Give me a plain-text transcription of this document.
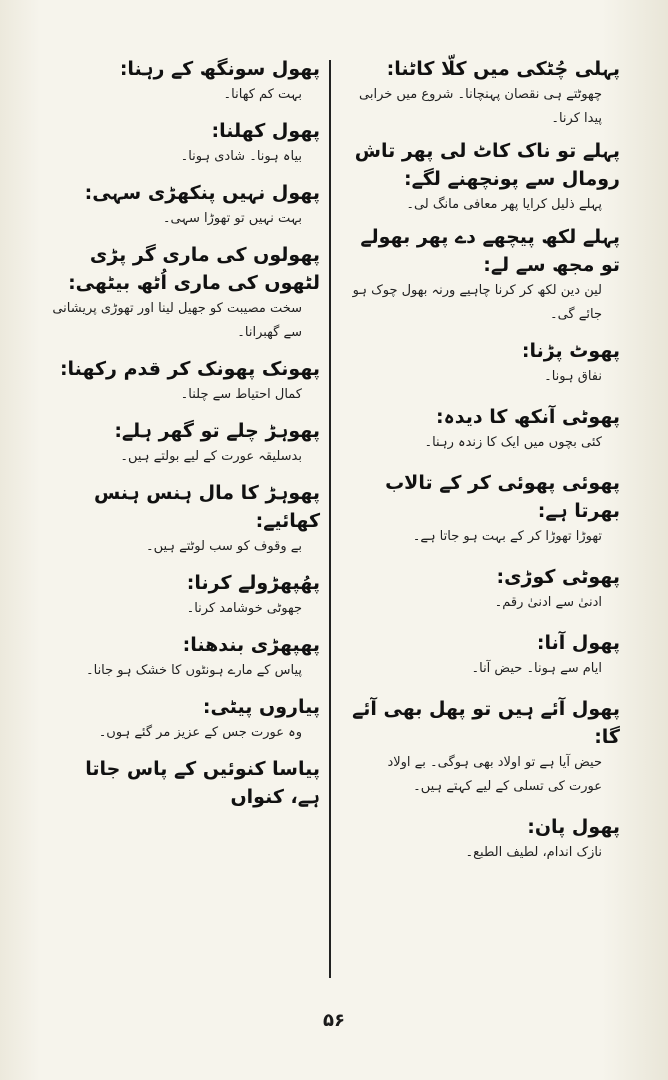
پہلی چُٹکی میں کلّا کاٹنا:

چھوٹتے ہی نقصان پہنچانا۔ شروع میں خرابی پیدا کرنا۔

پہلے تو ناک کاٹ لی پھر تاش رومال سے پونچھنے لگے:

پہلے ذلیل کرایا پھر معافی مانگ لی۔

پہلے لکھ پیچھے دے پھر بھولے تو مجھ سے لے:

لین دین لکھ کر کرنا چاہیے ورنہ بھول چوک ہو جائے گی۔

پھوٹ پڑنا:

نفاق ہونا۔

پھوٹی آنکھ کا دیدہ:

کئی بچوں میں ایک کا زندہ رہنا۔

پھوئی پھوئی کر کے تالاب بھرتا ہے:

تھوڑا تھوڑا کر کے بہت ہو جاتا ہے۔

پھوٹی کوڑی:

ادنیٰ سے ادنیٰ رقم۔

پھول آنا:

ایام سے ہونا۔ حیض آنا۔

پھول آئے ہیں تو پھل بھی آئے گا:

حیض آیا ہے تو اولاد بھی ہوگی۔ بے اولاد عورت کی تسلی کے لیے کہتے ہیں۔

پھول پان:

نازک اندام، لطیف الطبع۔

پھول سونگھ کے رہنا:

بہت کم کھانا۔

پھول کھلنا:

بیاہ ہونا۔ شادی ہونا۔

پھول نہیں پنکھڑی سہی:

بہت نہیں تو تھوڑا سہی۔

پھولوں کی ماری گر پڑی لٹھوں کی ماری اُٹھ بیٹھی:

سخت مصیبت کو جھیل لینا اور تھوڑی پریشانی سے گھبرانا۔

پھونک پھونک کر قدم رکھنا:

کمال احتیاط سے چلنا۔

پھوہڑ چلے تو گھر ہلے:

بدسلیقہ عورت کے لیے بولتے ہیں۔

پھوہڑ کا مال ہنس ہنس کھائیے:

بے وقوف کو سب لوٹتے ہیں۔

پھُپھڑولے کرنا:

جھوٹی خوشامد کرنا۔

پھپھڑی بندھنا:

پیاس کے مارے ہونٹوں کا خشک ہو جانا۔

پیاروں پیٹی:

وہ عورت جس کے عزیز مر گئے ہوں۔

پیاسا کنوئیں کے پاس جاتا ہے، کنواں

۵۶
